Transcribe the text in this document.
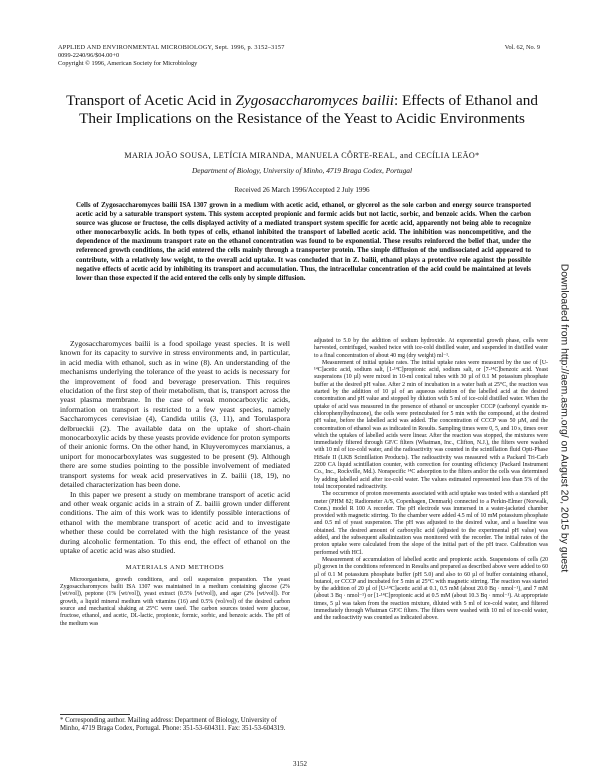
APPLIED AND ENVIRONMENTAL MICROBIOLOGY, Sept. 1996, p. 3152–3157
0099-2240/96/$04.00+0
Copyright © 1996, American Society for Microbiology
Vol. 62, No. 9
Transport of Acetic Acid in Zygosaccharomyces bailii: Effects of Ethanol and Their Implications on the Resistance of the Yeast to Acidic Environments
MARIA JOÃO SOUSA, LETÍCIA MIRANDA, MANUELA CÔRTE-REAL, and CECÍLIA LEÃO*
Department of Biology, University of Minho, 4719 Braga Codex, Portugal
Received 26 March 1996/Accepted 2 July 1996

Cells of Zygosaccharomyces bailii ISA 1307 grown in a medium with acetic acid, ethanol, or glycerol as the sole carbon and energy source transported acetic acid by a saturable transport system. This system accepted propionic and formic acids but not lactic, sorbic, and benzoic acids. When the carbon source was glucose or fructose, the cells displayed activity of a mediated transport system specific for acetic acid, apparently not being able to recognize other monocarboxylic acids. In both types of cells, ethanol inhibited the transport of labelled acetic acid. The inhibition was noncompetitive, and the dependence of the maximum transport rate on the ethanol concentration was found to be exponential. These results reinforced the belief that, under the referenced growth conditions, the acid entered the cells mainly through a transporter protein. The simple diffusion of the undissociated acid appeared to contribute, with a relatively low weight, to the overall acid uptake. It was concluded that in Z. bailii, ethanol plays a protective role against the possible negative effects of acetic acid by inhibiting its transport and accumulation. Thus, the intracellular concentration of the acid could be maintained at levels lower than those expected if the acid entered the cells only by simple diffusion.

Zygosaccharomyces bailii is a food spoilage yeast species. It is well known for its capacity to survive in stress environments and, in particular, in acid media with ethanol, such as in wine (8). An understanding of the mechanisms underlying the tolerance of the yeast to acids is necessary for the improvement of food and beverage preservation. This requires elucidation of the first step of their metabolism, that is, transport across the yeast plasma membrane. In the case of weak monocarboxylic acids, information on transport is restricted to a few yeast species, namely Saccharomyces cerevisiae (4), Candida utilis (3, 11), and Torulaspora delbrueckii (2). The available data on the uptake of short-chain monocarboxylic acids by these yeasts provide evidence for proton symports of their anionic forms. On the other hand, in Kluyveromyces marxianus, a uniport for monocarboxylates was suggested to be present (9). Although there are some studies pointing to the possible involvement of mediated transport systems for weak acid preservatives in Z. bailii (18, 19), no detailed characterization has been done.

In this paper we present a study on membrane transport of acetic acid and other weak organic acids in a strain of Z. bailii grown under different conditions. The aim of this work was to identify possible interactions of ethanol with the membrane transport of acetic acid and to investigate whether these could be correlated with the high resistance of the yeast during alcoholic fermentation. To this end, the effect of ethanol on the uptake of acetic acid was also studied.

MATERIALS AND METHODS

Microorganisms, growth conditions, and cell suspension preparation. The yeast Zygosaccharomyces bailii ISA 1307 was maintained in a medium containing glucose (2% [wt/vol]), peptone (1% [wt/vol]), yeast extract (0.5% [wt/vol]), and agar (2% [wt/vol]). For growth, a liquid mineral medium with vitamins (16) and 0.5% (vol/vol) of the desired carbon source and mechanical shaking at 25°C were used. The carbon sources tested were glucose, fructose, ethanol, and acetic, DL-lactic, propionic, formic, sorbic, and benzoic acids. The pH of the medium was

* Corresponding author. Mailing address: Department of Biology, University of Minho, 4719 Braga Codex, Portugal. Phone: 351-53-604311. Fax: 351-53-604319.

adjusted to 5.0 by the addition of sodium hydroxide. At exponential growth phase, cells were harvested, centrifuged, washed twice with ice-cold distilled water, and suspended in distilled water to a final concentration of about 40 mg (dry weight) ml⁻¹.

Measurement of initial uptake rates. The initial uptake rates were measured by the use of [U-¹⁴C]acetic acid, sodium salt, [1-¹⁴C]propionic acid, sodium salt, or [7-¹⁴C]benzoic acid. Yeast suspensions (10 µl) were mixed in 10-ml conical tubes with 30 µl of 0.1 M potassium phosphate buffer at the desired pH value. After 2 min of incubation in a water bath at 25°C, the reaction was started by the addition of 10 µl of an aqueous solution of the labelled acid at the desired concentration and pH value and stopped by dilution with 5 ml of ice-cold distilled water. When the uptake of acid was measured in the presence of ethanol or uncoupler CCCP (carbonyl cyanide m-chlorophenylhydrazone), the cells were preincubated for 5 min with the compound, at the desired pH value, before the labelled acid was added. The concentration of CCCP was 50 µM, and the concentration of ethanol was as indicated in Results. Sampling times were 0, 5, and 10 s, times over which the uptakes of labelled acids were linear. After the reaction was stopped, the mixtures were immediately filtered through GF/C filters (Whatman, Inc., Clifton, N.J.), the filters were washed with 10 ml of ice-cold water, and the radioactivity was counted in the scintillation fluid Opti-Phase HiSafe II (LKB Scintillation Products). The radioactivity was measured with a Packard Tri-Carb 2200 CA liquid scintillation counter, with correction for counting efficiency (Packard Instrument Co., Inc., Rockville, Md.). Nonspecific ¹⁴C adsorption to the filters and/or the cells was determined by adding labelled acid after ice-cold water. The values estimated represented less than 5% of the total incorporated radioactivity.

The occurrence of proton movements associated with acid uptake was tested with a standard pH meter (PHM 82; Radiometer A/S, Copenhagen, Denmark) connected to a Perkin-Elmer (Norwalk, Conn.) model R 100 A recorder. The pH electrode was immersed in a water-jacketed chamber provided with magnetic stirring. To the chamber were added 4.5 ml of 10 mM potassium phosphate and 0.5 ml of yeast suspension. The pH was adjusted to the desired value, and a baseline was obtained. The desired amount of carboxylic acid (adjusted to the experimental pH value) was added, and the subsequent alkalinization was monitored with the recorder. The initial rates of the proton uptake were calculated from the slope of the initial part of the pH trace. Calibration was performed with HCl.

Measurement of accumulation of labelled acetic and propionic acids. Suspensions of cells (20 µl) grown in the conditions referenced in Results and prepared as described above were added to 60 µl of 0.1 M potassium phosphate buffer (pH 5.0) and also to 60 µl of buffer containing ethanol, butanol, or CCCP and incubated for 5 min at 25°C with magnetic stirring. The reaction was started by the addition of 20 µl of [U-¹⁴C]acetic acid at 0.1, 0.5 mM (about 20.0 Bq · nmol⁻¹), and 7 mM (about 3 Bq · nmol⁻¹) or [1-¹⁴C]propionic acid at 0.5 mM (about 10.3 Bq · nmol⁻¹). At appropriate times, 5 µl was taken from the reaction mixture, diluted with 5 ml of ice-cold water, and filtered immediately through Whatman GF/C filters. The filters were washed with 10 ml of ice-cold water, and the radioactivity was counted as indicated above.

3152
Downloaded from http://aem.asm.org/ on August 20, 2015 by guest
